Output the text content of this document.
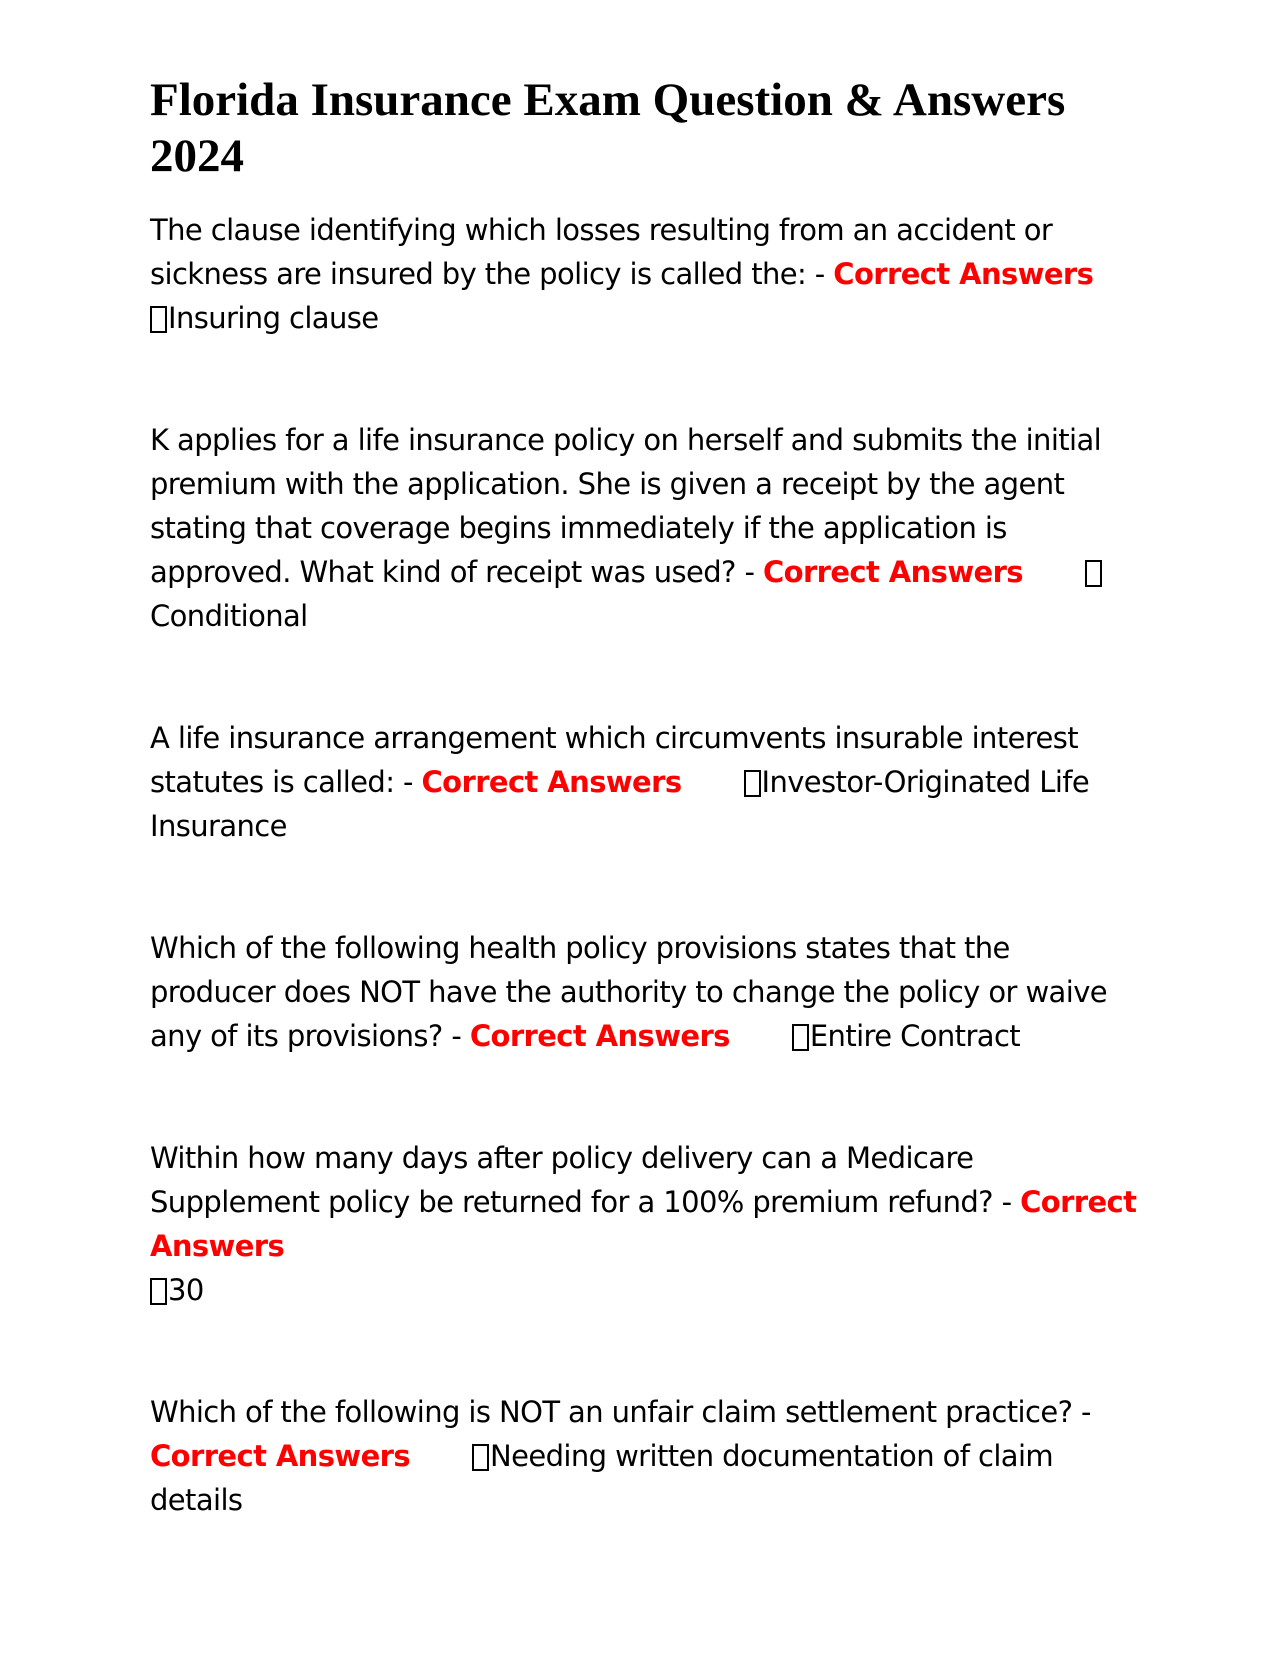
Florida Insurance Exam Question & Answers 2024

The clause identifying which losses resulting from an accident or sickness are insured by the policy is called the: - Correct Answers
Insuring clause

K applies for a life insurance policy on herself and submits the initial premium with the application. She is given a receipt by the agent stating that coverage begins immediately if the application is approved. What kind of receipt was used? - Correct AnswersConditional

A life insurance arrangement which circumvents insurable interest statutes is called: - Correct Answers	Investor-Originated Life Insurance

Which of the following health policy provisions states that the producer does NOT have the authority to change the policy or waive any of its provisions? - Correct Answers	Entire Contract

Within how many days after policy delivery can a Medicare Supplement policy be returned for a 100% premium refund? - Correct Answers
30

Which of the following is NOT an unfair claim settlement practice? -
Correct Answers	Needing written documentation of claim details
